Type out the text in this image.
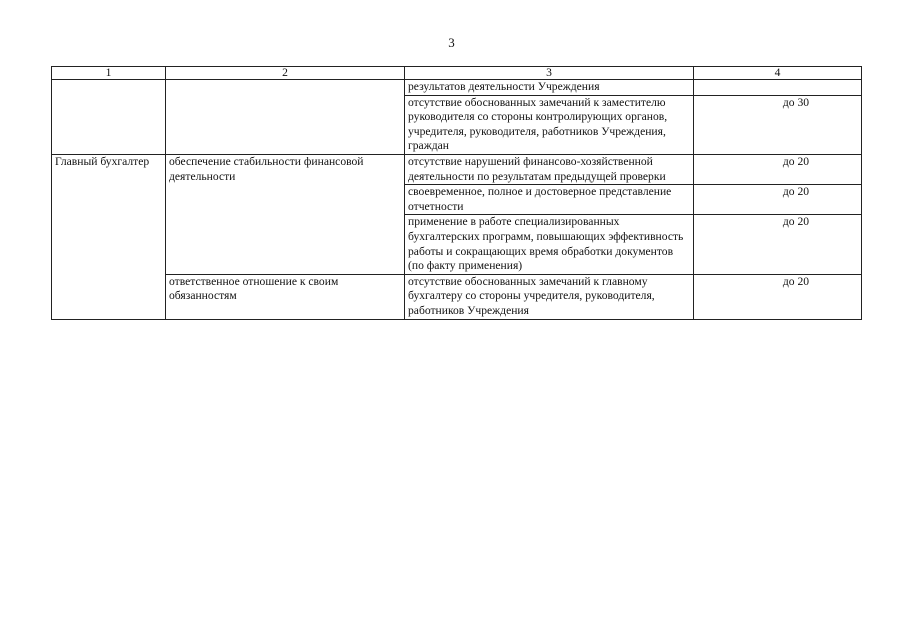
3
1	2	3	4
		результатов деятельности Учреждения	
		отсутствие обоснованных замечаний к заместителю руководителя со стороны контролирующих органов, учредителя, руководителя, работников Учреждения, граждан	до 30
Главный бухгалтер	обеспечение стабильности финансовой деятельности	отсутствие нарушений финансово-хозяйственной деятельности по результатам предыдущей проверки	до 20
		своевременное, полное и достоверное представление отчетности	до 20
		применение в работе специализированных бухгалтерских программ, повышающих эффективность работы и сокращающих время обработки документов (по факту применения)	до 20
	ответственное отношение к своим обязанностям	отсутствие обоснованных замечаний к главному бухгалтеру со стороны учредителя, руководителя, работников Учреждения	до 20
